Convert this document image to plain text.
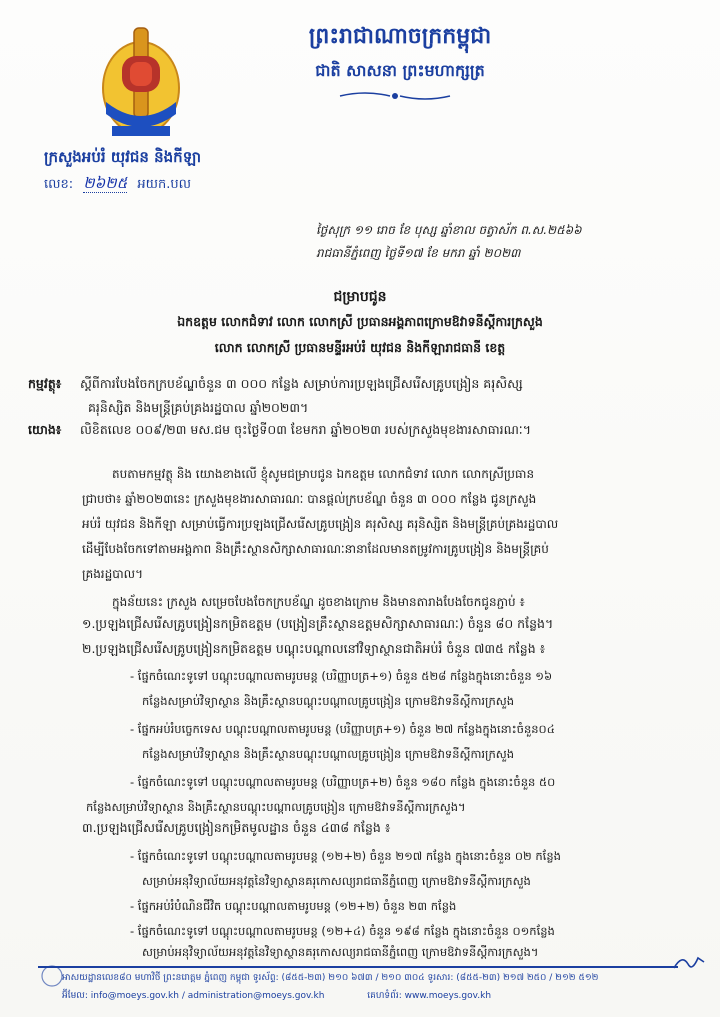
ព្រះរាជាណាចក្រកម្ពុជា
ជាតិ សាសនា ព្រះមហាក្សត្រ
ក្រសួងអប់រំ យុវជន និងកីឡា
លេខ: ២៦២៥ អយក.បល
ថ្ងៃសុក្រ ១១ រោច ខែ បុស្ស ឆ្នាំខាល ចត្វាស័ក ព.ស.២៥៦៦
រាជធានីភ្នំពេញ ថ្ងៃទី១៧ ខែ មករា ឆ្នាំ ២០២៣
ជម្រាបជូន
ឯកឧត្តម លោកជំទាវ លោក លោកស្រី ប្រធានអង្គភាពក្រោមឱវាទនីស្ដីការក្រសួង
លោក លោកស្រី ប្រធានមន្ទីរអប់រំ យុវជន និងកីឡារាជធានី ខេត្ត
កម្មវត្ថុ៖ ស្ដីពីការបែងចែកក្របខ័ណ្ឌចំនួន ៣ ០០០ កន្លែង សម្រាប់ការប្រឡងជ្រើសរើសគ្រូបង្រៀន គរុសិស្ស
គរុនិស្សិត និងមន្ត្រីគ្រប់គ្រងរដ្ឋបាល ឆ្នាំ២០២៣។
យោង៖ លិខិតលេខ ០០៩/២៣ មស.ជម ចុះថ្ងៃទី០៣ ខែមករា ឆ្នាំ២០២៣ របស់ក្រសួងមុខងារសាធារណៈ។
តបតាមកម្មវត្ថុ និង យោងខាងលើ ខ្ញុំសូមជម្រាបជូន ឯកឧត្តម លោកជំទាវ លោក លោកស្រីប្រធាន
ជ្រាបថា៖ ឆ្នាំ២០២៣នេះ ក្រសួងមុខងារសាធារណៈ បានផ្ដល់ក្របខ័ណ្ឌ ចំនួន ៣ ០០០ កន្លែង ជូនក្រសួង
អប់រំ យុវជន និងកីឡា សម្រាប់ធ្វើការប្រឡងជ្រើសរើសគ្រូបង្រៀន គរុសិស្ស គរុនិស្សិត និងមន្ត្រីគ្រប់គ្រងរដ្ឋបាល
ដើម្បីបែងចែកទៅតាមអង្គភាព និងគ្រឹះស្ថានសិក្សាសាធារណៈនានាដែលមានតម្រូវការគ្រូបង្រៀន និងមន្ត្រីគ្រប់
គ្រងរដ្ឋបាល។
ក្នុងន័យនេះ ក្រសួង សម្រេចបែងចែកក្របខ័ណ្ឌ ដូចខាងក្រោម និងមានតារាងបែងចែកជូនភ្ជាប់ ៖
១.ប្រឡងជ្រើសរើសគ្រូបង្រៀនកម្រិតឧត្តម (បង្រៀនគ្រឹះស្ថានឧត្តមសិក្សាសាធារណៈ) ចំនួន ៨០ កន្លែង។
២.ប្រឡងជ្រើសរើសគ្រូបង្រៀនកម្រិតឧត្តម បណ្ដុះបណ្ដាលនៅវិទ្យាស្ថានជាតិអប់រំ ចំនួន ៧៣៥ កន្លែង ៖
- ផ្នែកចំណេះទូទៅ បណ្ដុះបណ្ដាលតាមរូបមន្ត (បរិញ្ញាបត្រ+១) ចំនួន ៥២៨ កន្លែងក្នុងនោះចំនួន ១៦
កន្លែងសម្រាប់វិទ្យាស្ថាន និងគ្រឹះស្ថានបណ្ដុះបណ្ដាលគ្រូបង្រៀន ក្រោមឱវាទនីស្ដីការក្រសួង
- ផ្នែកអប់រំបច្ចេកទេស បណ្ដុះបណ្ដាលតាមរូបមន្ត (បរិញ្ញាបត្រ+១) ចំនួន ២៧ កន្លែងក្នុងនោះចំនួន០៤
កន្លែងសម្រាប់វិទ្យាស្ថាន និងគ្រឹះស្ថានបណ្ដុះបណ្ដាលគ្រូបង្រៀន ក្រោមឱវាទនីស្ដីការក្រសួង
- ផ្នែកចំណេះទូទៅ បណ្ដុះបណ្ដាលតាមរូបមន្ត (បរិញ្ញាបត្រ+២) ចំនួន ១៨០ កន្លែង ក្នុងនោះចំនួន ៥០
កន្លែងសម្រាប់វិទ្យាស្ថាន និងគ្រឹះស្ថានបណ្ដុះបណ្ដាលគ្រូបង្រៀន ក្រោមឱវាទនីស្ដីការក្រសួង។
៣.ប្រឡងជ្រើសរើសគ្រូបង្រៀនកម្រិតមូលដ្ឋាន ចំនួន ៤៣៨ កន្លែង ៖
- ផ្នែកចំណេះទូទៅ បណ្ដុះបណ្ដាលតាមរូបមន្ត (១២+២) ចំនួន ២១៧ កន្លែង ក្នុងនោះចំនួន ០២ កន្លែង
សម្រាប់អនុវិទ្យាល័យអនុវត្តនៃវិទ្យាស្ថានគរុកោសល្យរាជធានីភ្នំពេញ ក្រោមឱវាទនីស្ដីការក្រសួង
- ផ្នែកអប់រំបំណិនជីវិត បណ្ដុះបណ្ដាលតាមរូបមន្ត (១២+២) ចំនួន ២៣ កន្លែង
- ផ្នែកចំណេះទូទៅ បណ្ដុះបណ្ដាលតាមរូបមន្ត (១២+៤) ចំនួន ១៩៨ កន្លែង ក្នុងនោះចំនួន ០១កន្លែង
សម្រាប់អនុវិទ្យាល័យអនុវត្តនៃវិទ្យាស្ថានគរុកោសល្យរាជធានីភ្នំពេញ ក្រោមឱវាទនីស្ដីការក្រសួង។
អាសយដ្ឋានលេខ៨០ មហាវិថី ព្រះនរោត្តម ភ្នំពេញ កម្ពុជា ទូរស័ព្ទ: (៨៥៥-២៣) ២១០ ៦៧៣ / ២១០ ៣០៤ ទូរសារ: (៨៥៥-២៣) ២១៧ ២៥០ / ២១២ ៥១២
អ៊ីមែល: info@moeys.gov.kh / administration@moeys.gov.kh	គេហទំព័រ: www.moeys.gov.kh
